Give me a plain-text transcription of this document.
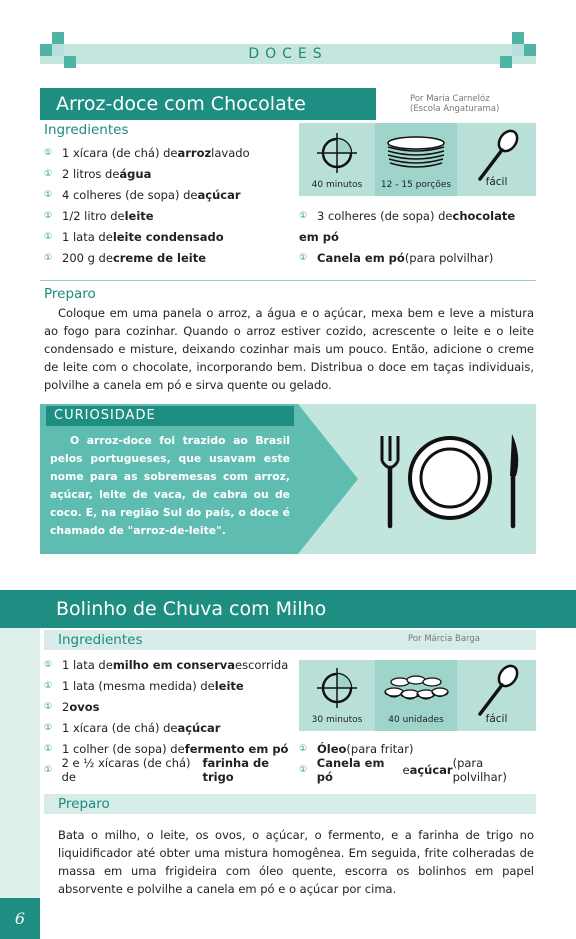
DOCES
Arroz-doce com Chocolate	Por Maria Carnelóz
(Escola Angaturama)
Ingredientes
① 1 xícara (de chá) de arroz lavado
① 2 litros de água
① 4 colheres (de sopa) de açúcar
① 1/2 litro de leite
① 1 lata de leite condensado
① 200 g de creme de leite
① 3 colheres (de sopa) de chocolate
em pó
① Canela em pó (para polvilhar)
40 minutos	12 - 15 porções	fácil
Preparo
Coloque em uma panela o arroz, a água e o açúcar, mexa bem e leve a mistura ao fogo para cozinhar. Quando o arroz estiver cozido, acrescente o leite e o leite condensado e misture, deixando cozinhar mais um pouco. Então, adicione o creme de leite com o chocolate, incorporando bem. Distribua o doce em taças individuais, polvilhe a canela em pó e sirva quente ou gelado.
CURIOSIDADE
O arroz-doce foi trazido ao Brasil pelos portugueses, que usavam este nome para as sobremesas com arroz, açúcar, leite de vaca, de cabra ou de coco. E, na região Sul do país, o doce é chamado de "arroz-de-leite".
Bolinho de Chuva com Milho
Ingredientes	Por Márcia Barga
① 1 lata de milho em conserva escorrida
① 1 lata (mesma medida) de leite
① 2 ovos
① 1 xícara (de chá) de açúcar
① 1 colher (de sopa) de fermento em pó
① 2 e ½ xícaras (de chá) de
farinha de trigo
① Óleo (para fritar)
① Canela em pó	e açúcar (para polvilhar)
30 minutos	40 unidades	fácil
Preparo
Bata o milho, o leite, os ovos, o açúcar, o fermento, e a farinha de trigo no liquidificador até obter uma mistura homogênea. Em seguida, frite colheradas de massa em uma frigideira com óleo quente, escorra os bolinhos em papel absorvente e polvilhe a canela em pó e o açúcar por cima.
6
